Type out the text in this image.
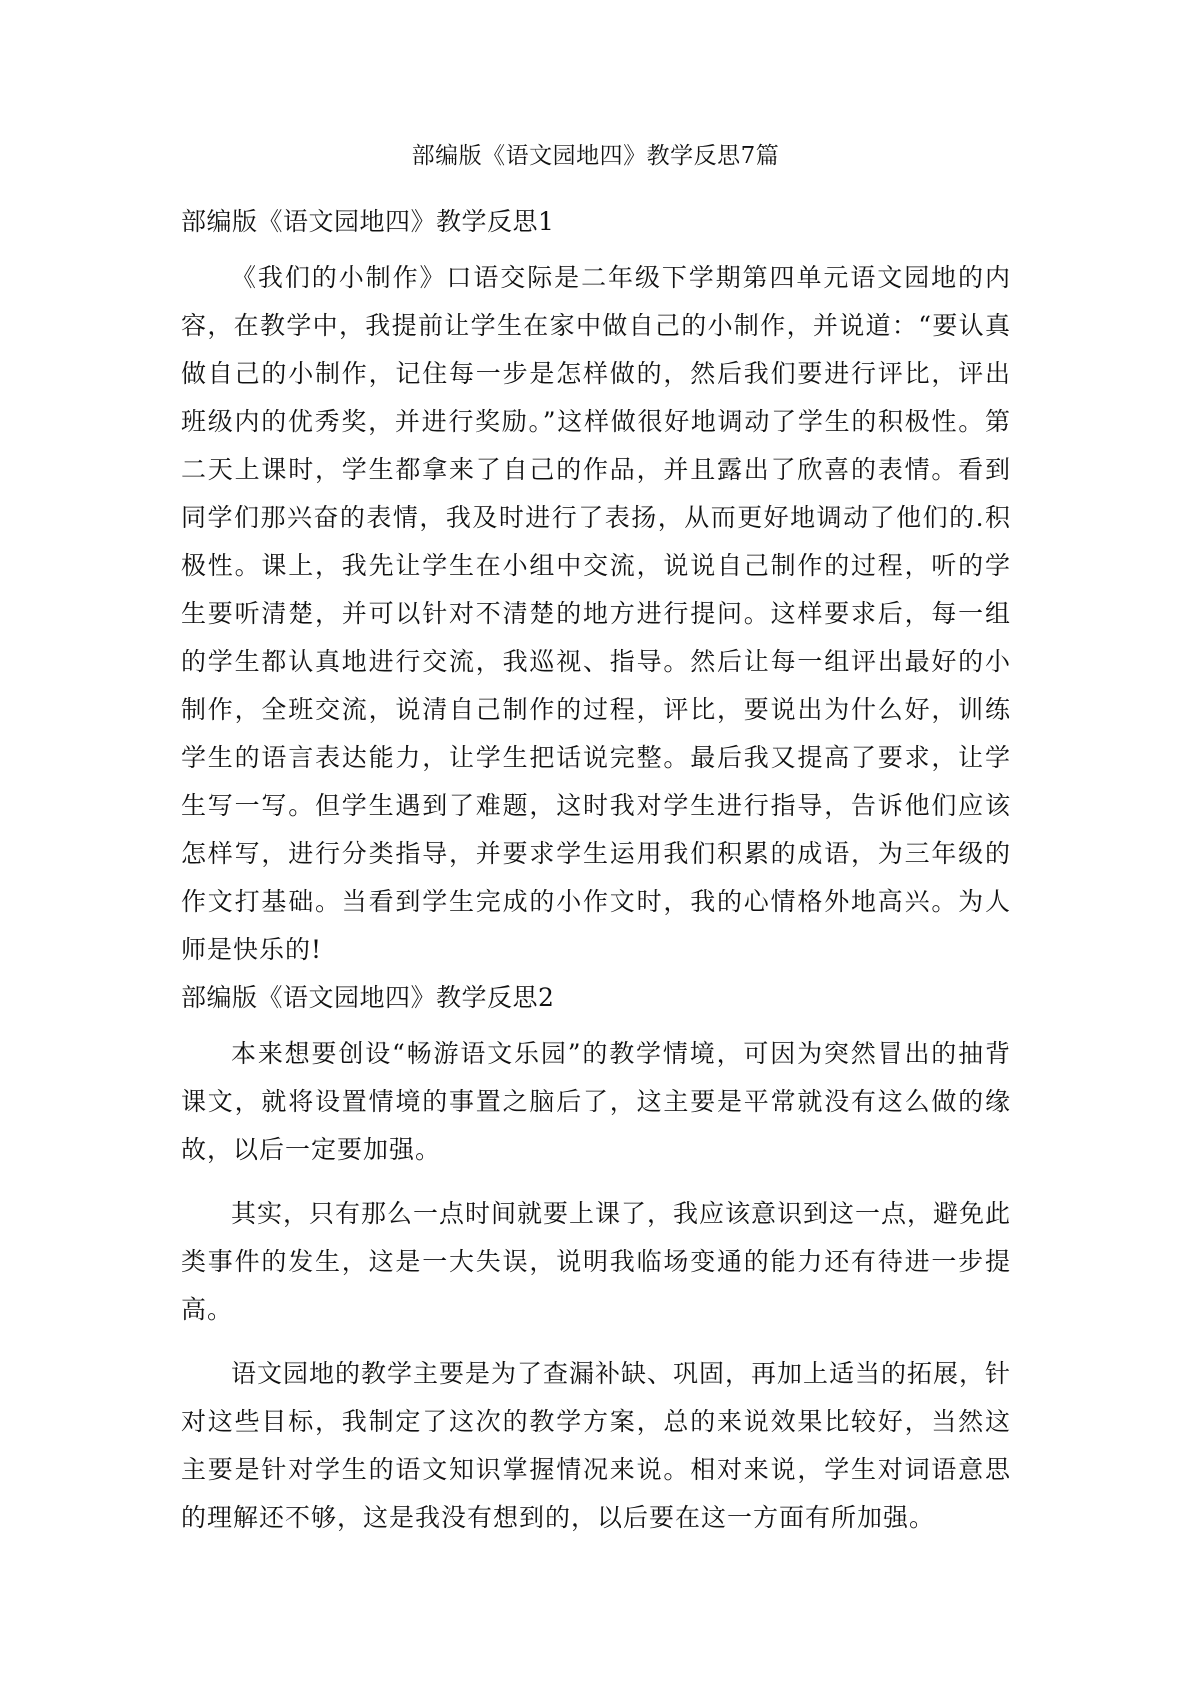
部编版《语文园地四》教学反思7篇
部编版《语文园地四》教学反思1

《我们的小制作》口语交际是二年级下学期第四单元语文园地的内容，在教学中，我提前让学生在家中做自己的小制作，并说道：“要认真做自己的小制作，记住每一步是怎样做的，然后我们要进行评比，评出班级内的优秀奖，并进行奖励。”这样做很好地调动了学生的积极性。第二天上课时，学生都拿来了自己的作品，并且露出了欣喜的表情。看到同学们那兴奋的表情，我及时进行了表扬，从而更好地调动了他们的.积极性。课上，我先让学生在小组中交流，说说自己制作的过程，听的学生要听清楚，并可以针对不清楚的地方进行提问。这样要求后，每一组的学生都认真地进行交流，我巡视、指导。然后让每一组评出最好的小制作，全班交流，说清自己制作的过程，评比，要说出为什么好，训练学生的语言表达能力，让学生把话说完整。最后我又提高了要求，让学生写一写。但学生遇到了难题，这时我对学生进行指导，告诉他们应该怎样写，进行分类指导，并要求学生运用我们积累的成语，为三年级的作文打基础。当看到学生完成的小作文时，我的心情格外地高兴。为人师是快乐的!

部编版《语文园地四》教学反思2

本来想要创设“畅游语文乐园”的教学情境，可因为突然冒出的抽背课文，就将设置情境的事置之脑后了，这主要是平常就没有这么做的缘故，以后一定要加强。

其实，只有那么一点时间就要上课了，我应该意识到这一点，避免此类事件的发生，这是一大失误，说明我临场变通的能力还有待进一步提高。

语文园地的教学主要是为了查漏补缺、巩固，再加上适当的拓展，针对这些目标，我制定了这次的教学方案，总的来说效果比较好，当然这主要是针对学生的语文知识掌握情况来说。相对来说，学生对词语意思的理解还不够，这是我没有想到的，以后要在这一方面有所加强。
